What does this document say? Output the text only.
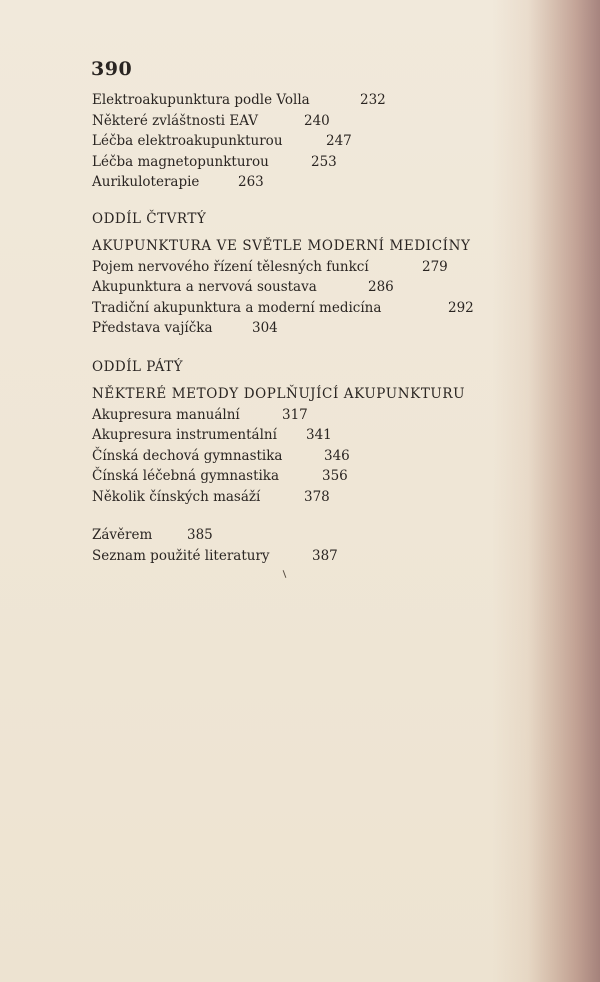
390
Elektroakupunktura podle Volla	232
Některé zvláštnosti EAV	240
Léčba elektroakupunkturou	247
Léčba magnetopunkturou	253
Aurikuloterapie	263
ODDÍL ČTVRTÝ
AKUPUNKTURA VE SVĚTLE MODERNÍ MEDICÍNY
Pojem nervového řízení tělesných funkcí	279
Akupunktura a nervová soustava	286
Tradiční akupunktura a moderní medicína	292
Představa vajíčka	304
ODDÍL PÁTÝ
NĚKTERÉ METODY DOPLŇUJÍCÍ AKUPUNKTURU
Akupresura manuální	317
Akupresura instrumentální	341
Čínská dechová gymnastika	346
Čínská léčebná gymnastika	356
Několik čínských masáží	378
Závěrem	385
Seznam použité literatury	387
